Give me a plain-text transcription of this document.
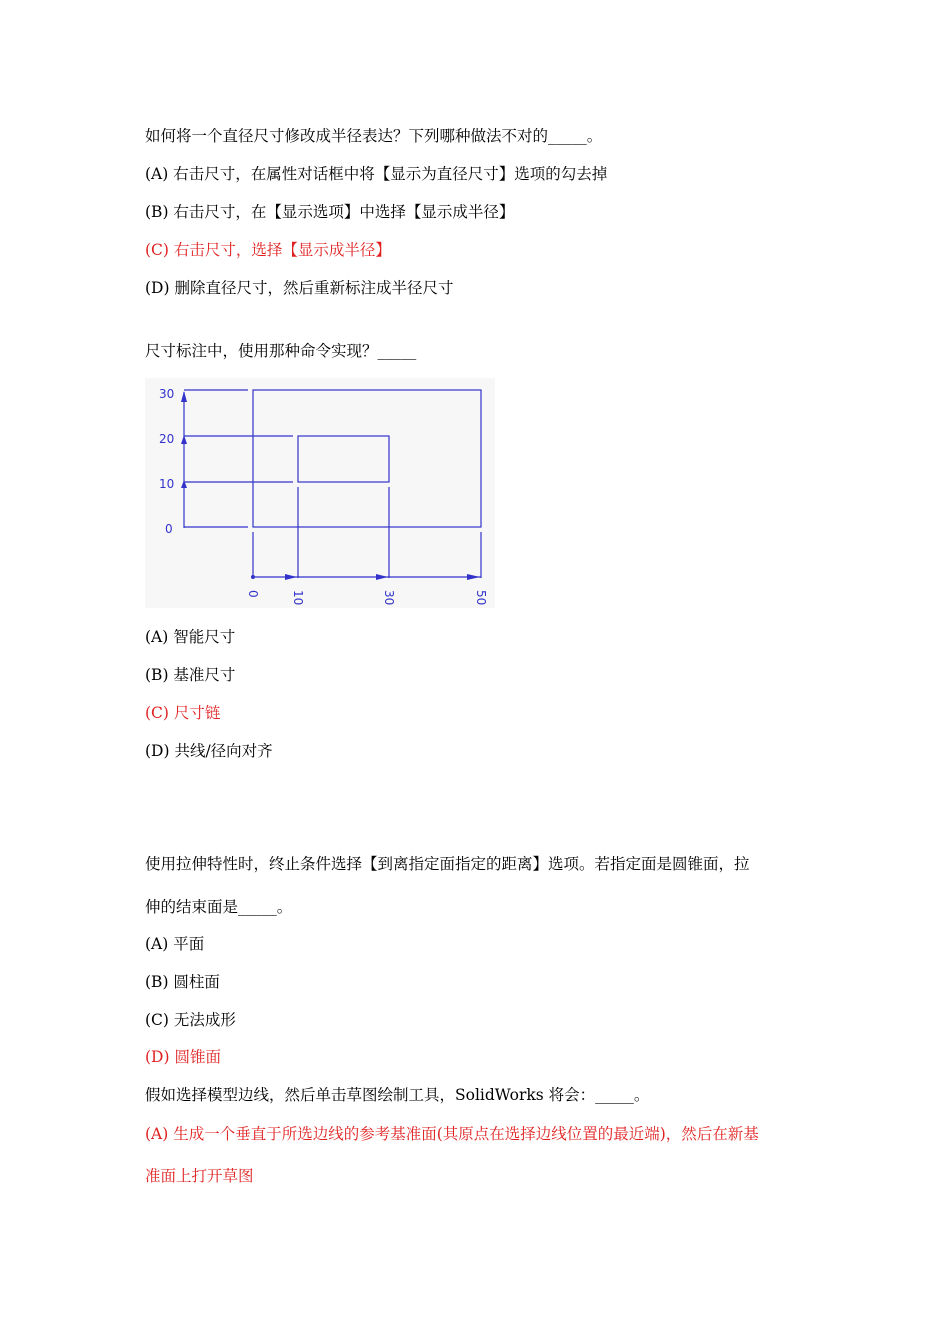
如何将一个直径尺寸修改成半径表达？下列哪种做法不对的_____。
(A) 右击尺寸，在属性对话框中将【显示为直径尺寸】选项的勾去掉
(B) 右击尺寸，在【显示选项】中选择【显示成半径】
(C) 右击尺寸，选择【显示成半径】
(D) 删除直径尺寸，然后重新标注成半径尺寸
尺寸标注中，使用那种命令实现？_____
30
20
10
0
0	10	30	50
(A) 智能尺寸
(B) 基准尺寸
(C) 尺寸链
(D) 共线/径向对齐
使用拉伸特性时，终止条件选择【到离指定面指定的距离】选项。若指定面是圆锥面，拉
伸的结束面是_____。
(A) 平面
(B) 圆柱面
(C) 无法成形
(D) 圆锥面
假如选择模型边线，然后单击草图绘制工具，SolidWorks 将会：_____。
(A) 生成一个垂直于所选边线的参考基准面(其原点在选择边线位置的最近端)，然后在新基
准面上打开草图
